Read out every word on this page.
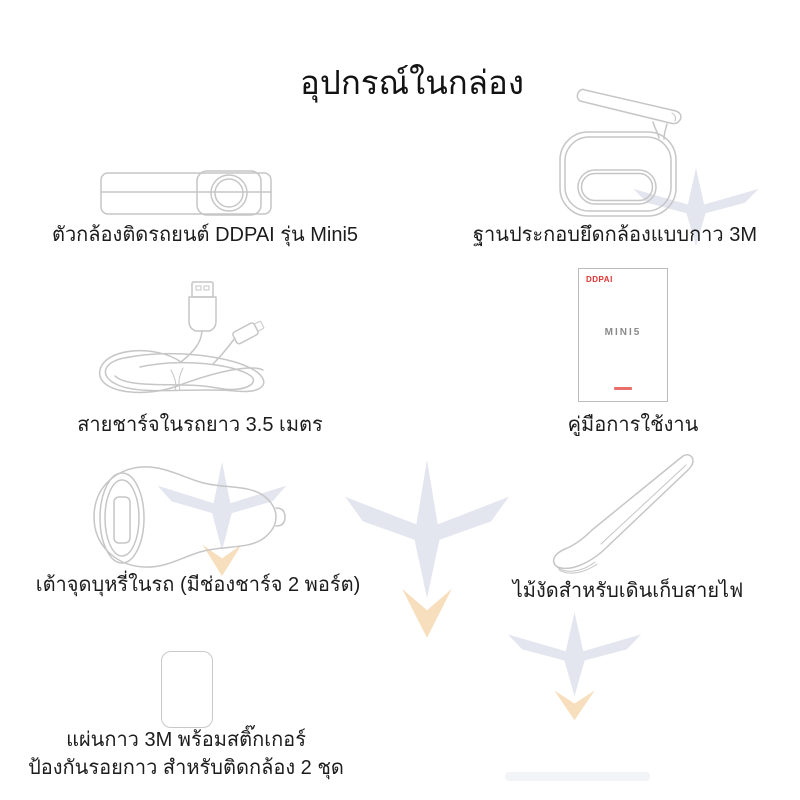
อุปกรณ์ในกล่อง
ตัวกล้องติดรถยนต์ DDPAI รุ่น Mini5	ฐานประกอบยึดกล้องแบบกาว 3M
สายชาร์จในรถยาว 3.5 เมตร
DDPAI
MINI5
คู่มือการใช้งาน
เต้าจุดบุหรี่ในรถ (มีช่องชาร์จ 2 พอร์ต)	ไม้งัดสำหรับเดินเก็บสายไฟ
แผ่นกาว 3M พร้อมสติ๊กเกอร์
ป้องกันรอยกาว สำหรับติดกล้อง 2 ชุด
